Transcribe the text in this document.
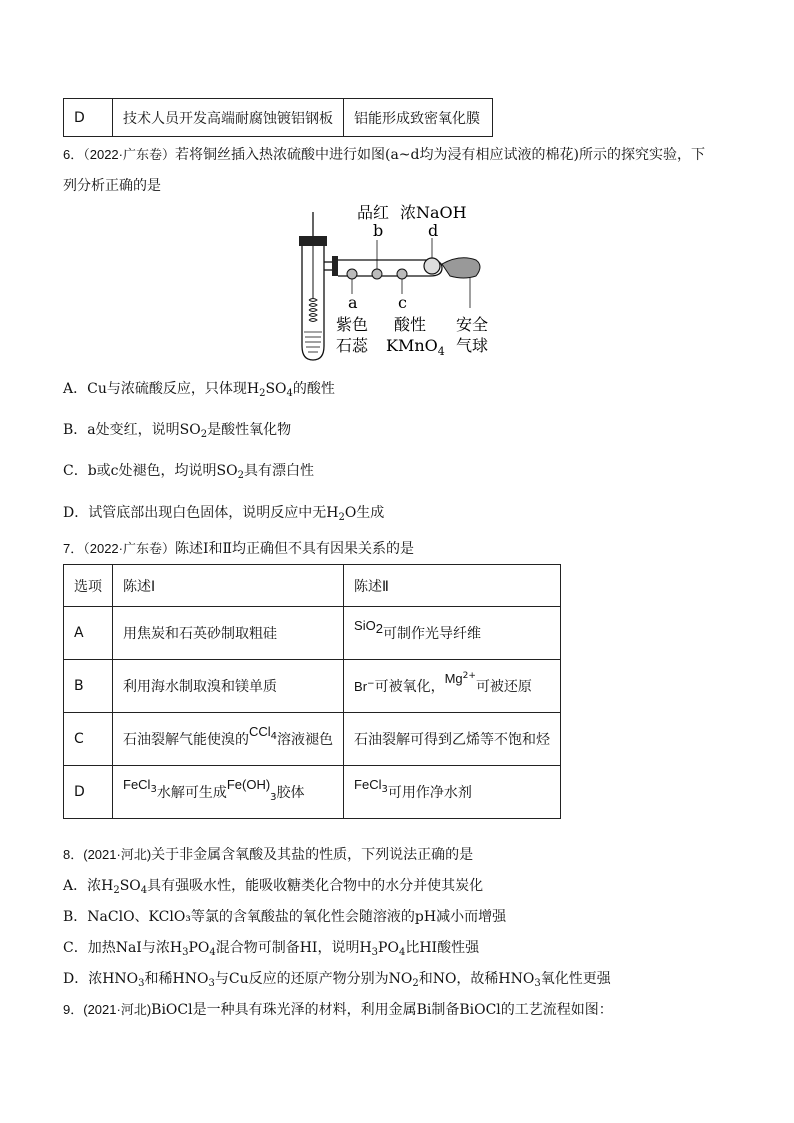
D	技术人员开发高端耐腐蚀镀铝钢板	铝能形成致密氧化膜
6．（2022·广东卷）若将铜丝插入热浓硫酸中进行如图(a~d均为浸有相应试液的棉花)所示的探究实验，下
列分析正确的是
品红 浓NaOH
b	d
a	c
紫色
石蕊
酸性
KMnO$_4$
安全
气球
A．Cu与浓硫酸反应，只体现$H_2SO_4$的酸性
B．a处变红，说明$SO_2$是酸性氧化物
C．b或c处褪色，均说明$SO_2$具有漂白性
D．试管底部出现白色固体，说明反应中无$H_2O$生成
7．（2022·广东卷）陈述Ⅰ和Ⅱ均正确但不具有因果关系的是
选项	陈述Ⅰ	陈述Ⅱ
A	用焦炭和石英砂制取粗硅	SiO$_2$可制作光导纤维
B	利用海水制取溴和镁单质	Br−可被氧化，$Mg^{2+}$可被还原
C	石油裂解气能使溴的CCl$_4$溶液褪色	石油裂解可得到乙烯等不饱和烃
D	FeCl$_3$水解可生成$Fe(OH)_3$胶体	FeCl$_3$可用作净水剂
8．(2021·河北)关于非金属含氧酸及其盐的性质，下列说法正确的是
A．浓$H_2SO_4$具有强吸水性，能吸收糖类化合物中的水分并使其炭化
B．NaClO、KClO₃等氯的含氧酸盐的氧化性会随溶液的pH减小而增强
C．加热NaI与浓$H_3PO_4$混合物可制备HI，说明$H_3PO_4$比HI酸性强
D．浓$HNO_3$和稀$HNO_3$与Cu反应的还原产物分别为$NO_2$和NO，故稀$HNO_3$氧化性更强
9．(2021·河北)BiOCl是一种具有珠光泽的材料，利用金属Bi制备BiOCl的工艺流程如图：
